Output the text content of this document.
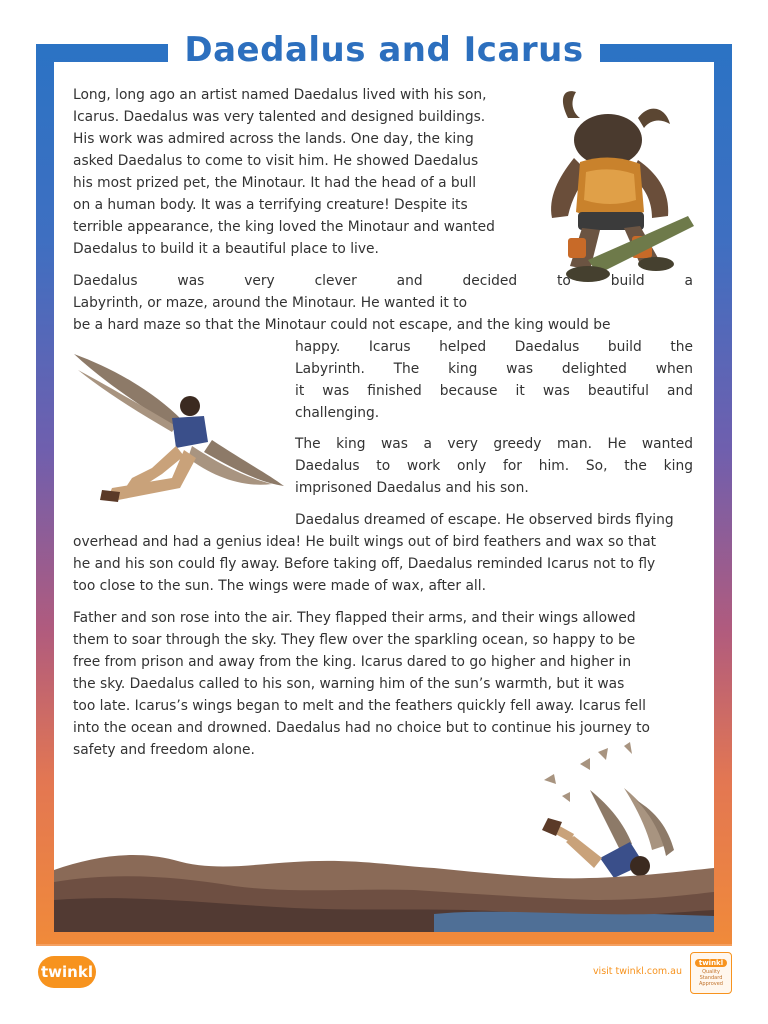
Daedalus and Icarus
Long, long ago an artist named Daedalus lived with his son,
Icarus. Daedalus was very talented and designed buildings.
His work was admired across the lands. One day, the king
asked Daedalus to come to visit him. He showed Daedalus
his most prized pet, the Minotaur. It had the head of a bull
on a human body. It was a terrifying creature! Despite its
terrible appearance, the king loved the Minotaur and wanted
Daedalus to build it a beautiful place to live.
Daedalus	was	very	clever	and	decided	to	build	a
Labyrinth, or maze, around the Minotaur. He wanted it to
be a hard maze so that the Minotaur could not escape, and the king would be
happy. Icarus helped Daedalus build the
Labyrinth. The king was delighted when
it was finished because it was beautiful and
challenging.
The king was a very greedy man. He wanted
Daedalus to work only for him. So, the king
imprisoned Daedalus and his son.
Daedalus dreamed of escape. He observed birds flying
overhead and had a genius idea! He built wings out of bird feathers and wax so that
he and his son could fly away. Before taking off, Daedalus reminded Icarus not to fly
too close to the sun. The wings were made of wax, after all.
Father and son rose into the air. They flapped their arms, and their wings allowed
them to soar through the sky. They flew over the sparkling ocean, so happy to be
free from prison and away from the king. Icarus dared to go higher and higher in
the sky. Daedalus called to his son, warning him of the sun’s warmth, but it was
too late. Icarus’s wings began to melt and the feathers quickly fell away. Icarus fell
into the ocean and drowned. Daedalus had no choice but to continue his journey to
safety and freedom alone.
twinkl	visit twinkl.com.au
twinkl
Quality Standard Approved
